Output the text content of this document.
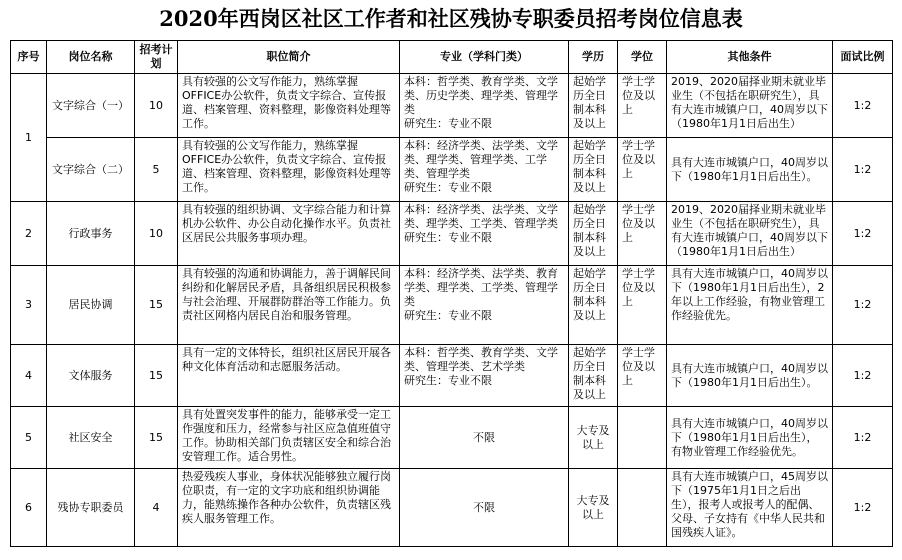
2020年西岗区社区工作者和社区残协专职委员招考岗位信息表
序号	岗位名称	招考计划	职位简介	专业（学科门类）	学历	学位	其他条件	面试比例
1	文字综合（一）	10	具有较强的公文写作能力，熟练掌握OFFICE办公软件，负责文字综合、宣传报道、档案管理、资料整理，影像资料处理等工作。	本科：哲学类、教育学类、文学类、历史学类、理学类、管理学类
研究生：专业不限	起始学历全日制本科及以上	学士学位及以上	2019、2020届择业期未就业毕业生（不包括在职研究生），具有大连市城镇户口，40周岁以下（1980年1月1日后出生）	1:2
	文字综合（二）	5	具有较强的公文写作能力，熟练掌握OFFICE办公软件，负责文字综合、宣传报道、档案管理、资料整理，影像资料处理等工作。	本科：经济学类、法学类、文学类、理学类、管理学类、工学类、管理学类
研究生：专业不限	起始学历全日制本科及以上	学士学位及以上	具有大连市城镇户口，40周岁以下（1980年1月1日后出生）。	1:2
2	行政事务	10	具有较强的组织协调、文字综合能力和计算机办公软件、办公自动化操作水平。负责社区居民公共服务事项办理。	本科：经济学类、法学类、文学类、理学类、工学类、管理学类
研究生：专业不限	起始学历全日制本科及以上	学士学位及以上	2019、2020届择业期未就业毕业生（不包括在职研究生），具有大连市城镇户口，40周岁以下（1980年1月1日后出生）	1:2
3	居民协调	15	具有较强的沟通和协调能力，善于调解民间纠纷和化解居民矛盾，具备组织居民积极参与社会治理、开展群防群治等工作能力。负责社区网格内居民自治和服务管理。	本科：经济学类、法学类、教育学类、理学类、工学类、管理学类
研究生：专业不限	起始学历全日制本科及以上	学士学位及以上	具有大连市城镇户口，40周岁以下（1980年1月1日后出生），2年以上工作经验，有物业管理工作经验优先。	1:2
4	文体服务	15	具有一定的文体特长，组织社区居民开展各种文化体育活动和志愿服务活动。	本科：哲学类、教育学类、文学类、管理学类、艺术学类
研究生：专业不限	起始学历全日制本科及以上	学士学位及以上	具有大连市城镇户口，40周岁以下（1980年1月1日后出生）。	1:2
5	社区安全	15	具有处置突发事件的能力，能够承受一定工作强度和压力，经常参与社区应急值班值守工作。协助相关部门负责辖区安全和综合治安管理工作。适合男性。	不限	大专及以上		具有大连市城镇户口，40周岁以下（1980年1月1日后出生），有物业管理工作经验优先。	1:2
6	残协专职委员	4	热爱残疾人事业，身体状况能够独立履行岗位职责，有一定的文字功底和组织协调能力，能熟练操作各种办公软件，负责辖区残疾人服务管理工作。	不限	大专及以上		具有大连市城镇户口，45周岁以下（1975年1月1日之后出生），报考人或报考人的配偶、父母、子女持有《中华人民共和国残疾人证》。	1:2
